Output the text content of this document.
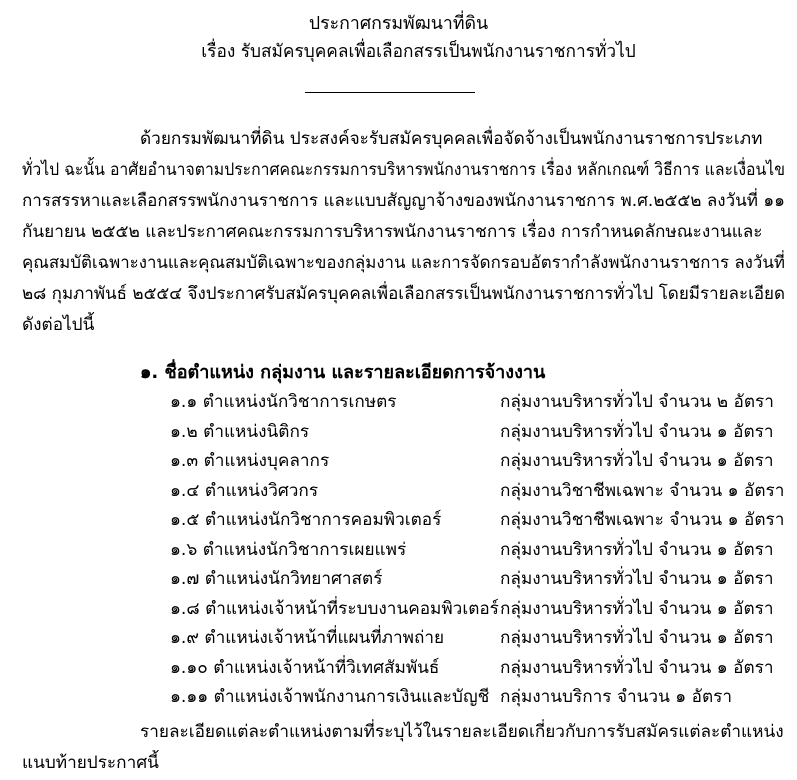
ประกาศกรมพัฒนาที่ดิน
เรื่อง รับสมัครบุคคลเพื่อเลือกสรรเป็นพนักงานราชการทั่วไป
ด้วยกรมพัฒนาที่ดิน ประสงค์จะรับสมัครบุคคลเพื่อจัดจ้างเป็นพนักงานราชการประเภท
ทั่วไป ฉะนั้น อาศัยอำนาจตามประกาศคณะกรรมการบริหารพนักงานราชการ เรื่อง หลักเกณฑ์ วิธีการ และเงื่อนไข
การสรรหาและเลือกสรรพนักงานราชการ และแบบสัญญาจ้างของพนักงานราชการ พ.ศ.๒๕๕๒ ลงวันที่ ๑๑
กันยายน ๒๕๕๒ และประกาศคณะกรรมการบริหารพนักงานราชการ เรื่อง การกำหนดลักษณะงานและ
คุณสมบัติเฉพาะงานและคุณสมบัติเฉพาะของกลุ่มงาน และการจัดกรอบอัตรากำลังพนักงานราชการ ลงวันที่
๒๘ กุมภาพันธ์ ๒๕๕๔ จึงประกาศรับสมัครบุคคลเพื่อเลือกสรรเป็นพนักงานราชการทั่วไป โดยมีรายละเอียด
ดังต่อไปนี้
๑. ชื่อตำแหน่ง กลุ่มงาน และรายละเอียดการจ้างงาน
๑.๑ ตำแหน่งนักวิชาการเกษตร	กลุ่มงานบริหารทั่วไป จำนวน ๒ อัตรา
๑.๒ ตำแหน่งนิติกร	กลุ่มงานบริหารทั่วไป จำนวน ๑ อัตรา
๑.๓ ตำแหน่งบุคลากร	กลุ่มงานบริหารทั่วไป จำนวน ๑ อัตรา
๑.๔ ตำแหน่งวิศวกร	กลุ่มงานวิชาชีพเฉพาะ จำนวน ๑ อัตรา
๑.๕ ตำแหน่งนักวิชาการคอมพิวเตอร์	กลุ่มงานวิชาชีพเฉพาะ จำนวน ๑ อัตรา
๑.๖ ตำแหน่งนักวิชาการเผยแพร่	กลุ่มงานบริหารทั่วไป จำนวน ๑ อัตรา
๑.๗ ตำแหน่งนักวิทยาศาสตร์	กลุ่มงานบริหารทั่วไป จำนวน ๑ อัตรา
๑.๘ ตำแหน่งเจ้าหน้าที่ระบบงานคอมพิวเตอร์ กลุ่มงานบริหารทั่วไป จำนวน ๑ อัตรา
๑.๙ ตำแหน่งเจ้าหน้าที่แผนที่ภาพถ่าย	กลุ่มงานบริหารทั่วไป จำนวน ๑ อัตรา
๑.๑๐ ตำแหน่งเจ้าหน้าที่วิเทศสัมพันธ์	กลุ่มงานบริหารทั่วไป จำนวน ๑ อัตรา
๑.๑๑ ตำแหน่งเจ้าพนักงานการเงินและบัญชี กลุ่มงานบริการ จำนวน ๑ อัตรา
รายละเอียดแต่ละตำแหน่งตามที่ระบุไว้ในรายละเอียดเกี่ยวกับการรับสมัครแต่ละตำแหน่ง
แนบท้ายประกาศนี้
